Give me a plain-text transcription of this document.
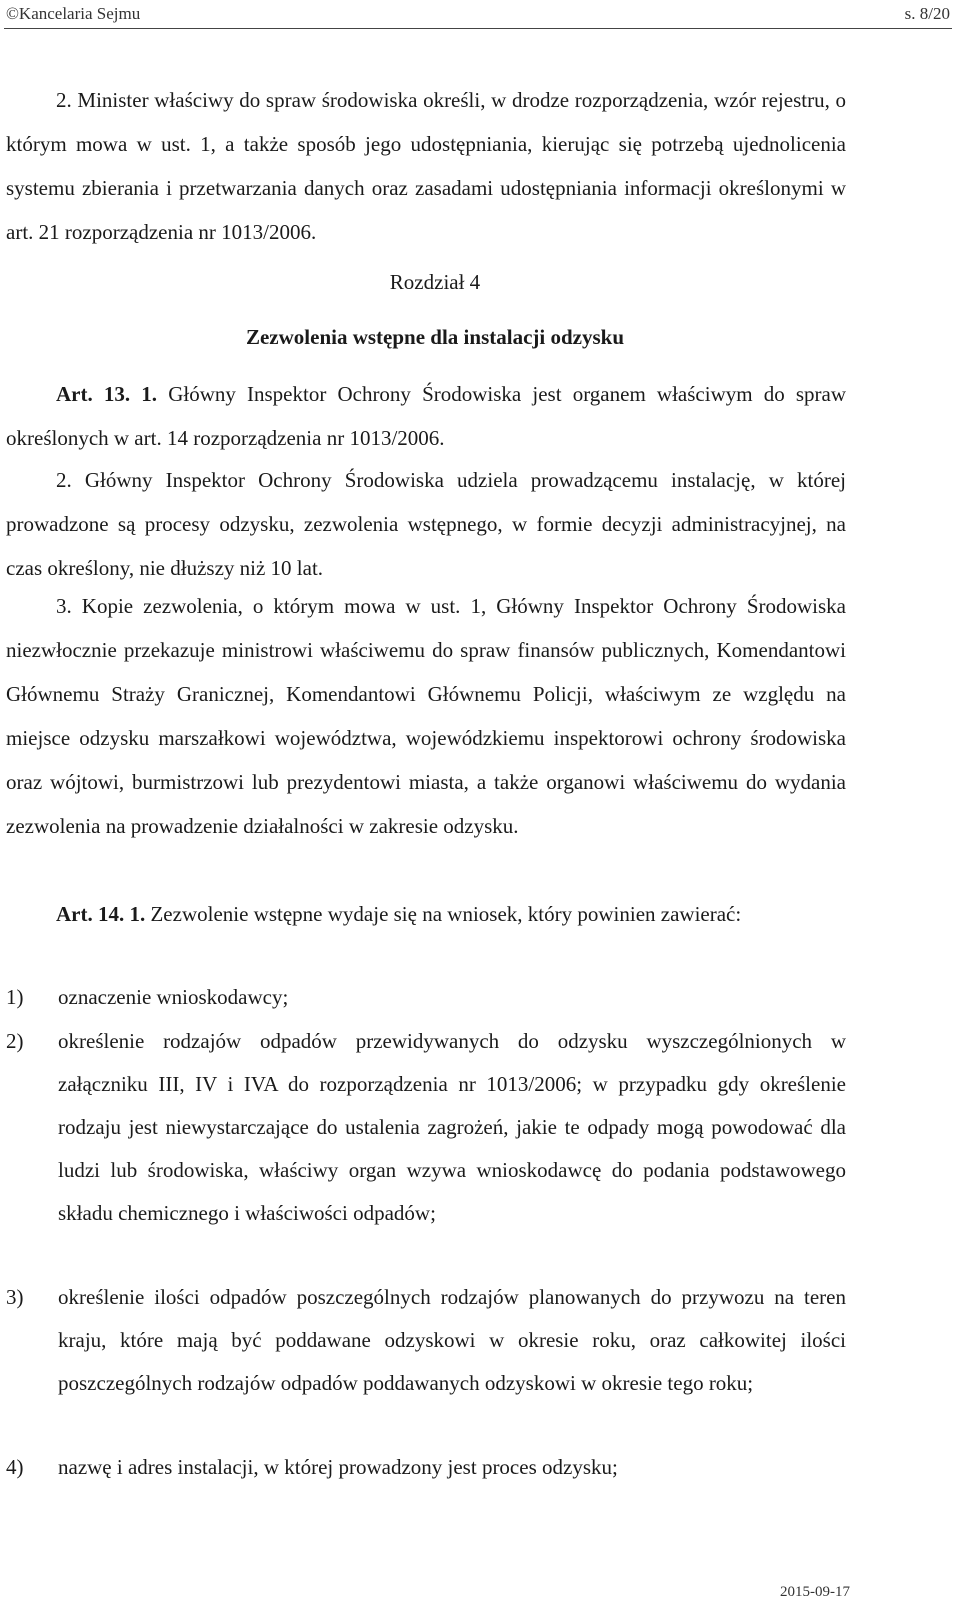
©Kancelaria Sejmu	s. 8/20
2. Minister właściwy do spraw środowiska określi, w drodze rozporządzenia, wzór rejestru, o którym mowa w ust. 1, a także sposób jego udostępniania, kierując się potrzebą ujednolicenia systemu zbierania i przetwarzania danych oraz zasadami udostępniania informacji określonymi w art. 21 rozporządzenia nr 1013/2006.
Rozdział 4
Zezwolenia wstępne dla instalacji odzysku
Art. 13. 1. Główny Inspektor Ochrony Środowiska jest organem właściwym do spraw określonych w art. 14 rozporządzenia nr 1013/2006.
2. Główny Inspektor Ochrony Środowiska udziela prowadzącemu instalację, w której prowadzone są procesy odzysku, zezwolenia wstępnego, w formie decyzji administracyjnej, na czas określony, nie dłuższy niż 10 lat.
3. Kopie zezwolenia, o którym mowa w ust. 1, Główny Inspektor Ochrony Środowiska niezwłocznie przekazuje ministrowi właściwemu do spraw finansów publicznych, Komendantowi Głównemu Straży Granicznej, Komendantowi Głównemu Policji, właściwym ze względu na miejsce odzysku marszałkowi województwa, wojewódzkiemu inspektorowi ochrony środowiska oraz wójtowi, burmistrzowi lub prezydentowi miasta, a także organowi właściwemu do wydania zezwolenia na prowadzenie działalności w zakresie odzysku.
Art. 14. 1. Zezwolenie wstępne wydaje się na wniosek, który powinien zawierać:
1) oznaczenie wnioskodawcy;
2) określenie rodzajów odpadów przewidywanych do odzysku wyszczególnionych w załączniku III, IV i IVA do rozporządzenia nr 1013/2006; w przypadku gdy określenie rodzaju jest niewystarczające do ustalenia zagrożeń, jakie te odpady mogą powodować dla ludzi lub środowiska, właściwy organ wzywa wnioskodawcę do podania podstawowego składu chemicznego i właściwości odpadów;
3) określenie ilości odpadów poszczególnych rodzajów planowanych do przywozu na teren kraju, które mają być poddawane odzyskowi w okresie roku, oraz całkowitej ilości poszczególnych rodzajów odpadów poddawanych odzyskowi w okresie tego roku;
4) nazwę i adres instalacji, w której prowadzony jest proces odzysku;
2015-09-17
